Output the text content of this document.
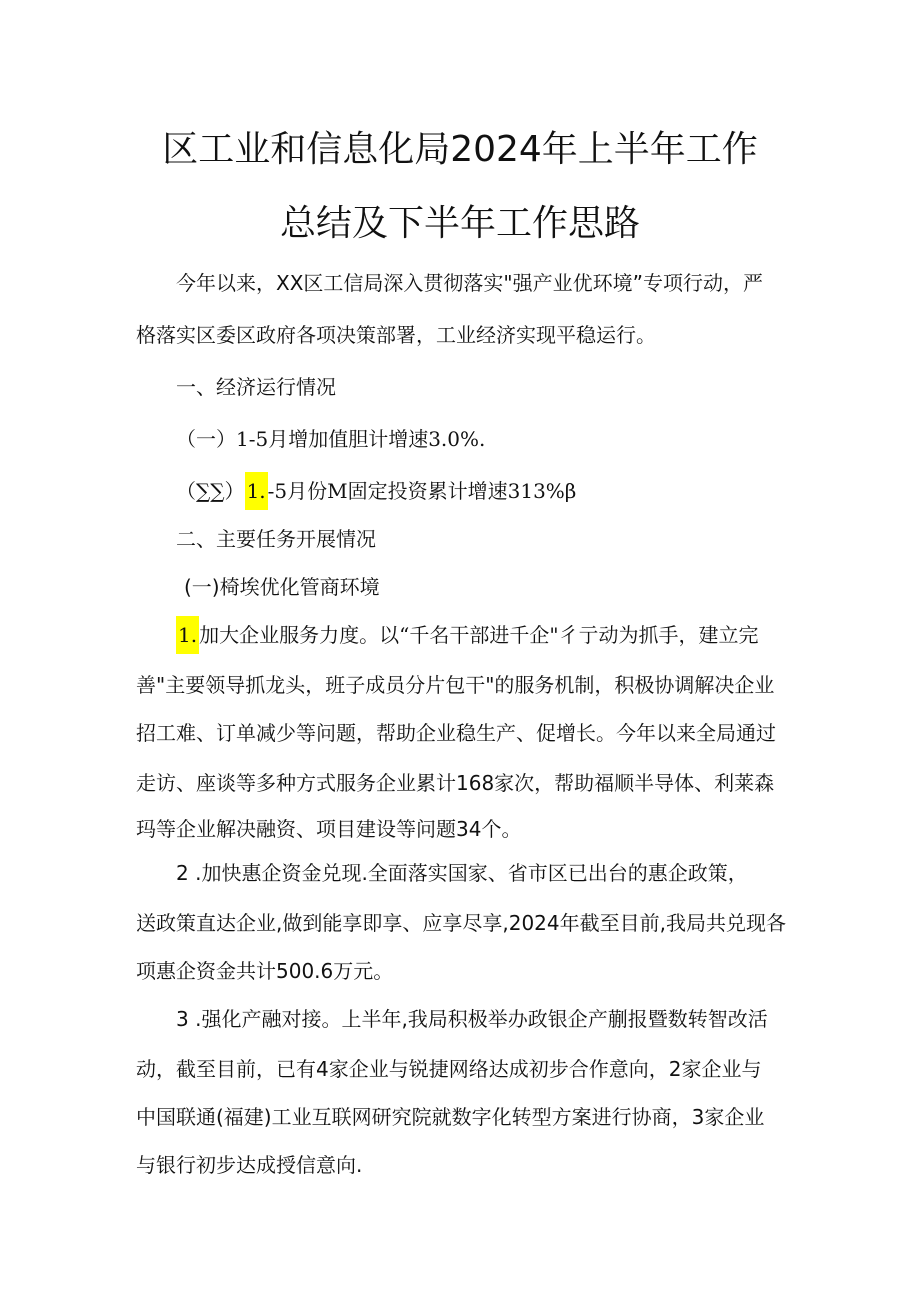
区工业和信息化局2024年上半年工作
总结及下半年工作思路
今年以来，XX区工信局深入贯彻落实"强产业优环境”专项行动，严
格落实区委区政府各项决策部署，工业经济实现平稳运行。
一、经济运行情况
（一）1-5月增加值胆计增速3.0%.
（∑∑） 1. -5月份M固定投资累计增速313%β
二、主要任务开展情况
(一)椅埃优化管商环境
1. 加大企业服务力度。以“千名干部进千企"彳亍动为抓手，建立完
善"主要领导抓龙头，班子成员分片包干"的服务机制，积极协调解决企业
招工难、订单减少等问题，帮助企业稳生产、促增长。今年以来全局通过
走访、座谈等多种方式服务企业累计168家次，帮助福顺半导体、利莱森
玛等企业解决融资、项目建设等问题34个。
2 .加快惠企资金兑现.全面落实国家、省市区已出台的惠企政策，
送政策直达企业,做到能享即享、应享尽享,2024年截至目前,我局共兑现各
项惠企资金共计500.6万元。
3 .强化产融对接。上半年,我局积极举办政银企产蒯报暨数转智改活
动，截至目前，已有4家企业与锐捷网络达成初步合作意向，2家企业与
中国联通(福建)工业互联网研究院就数字化转型方案进行协商，3家企业
与银行初步达成授信意向.
